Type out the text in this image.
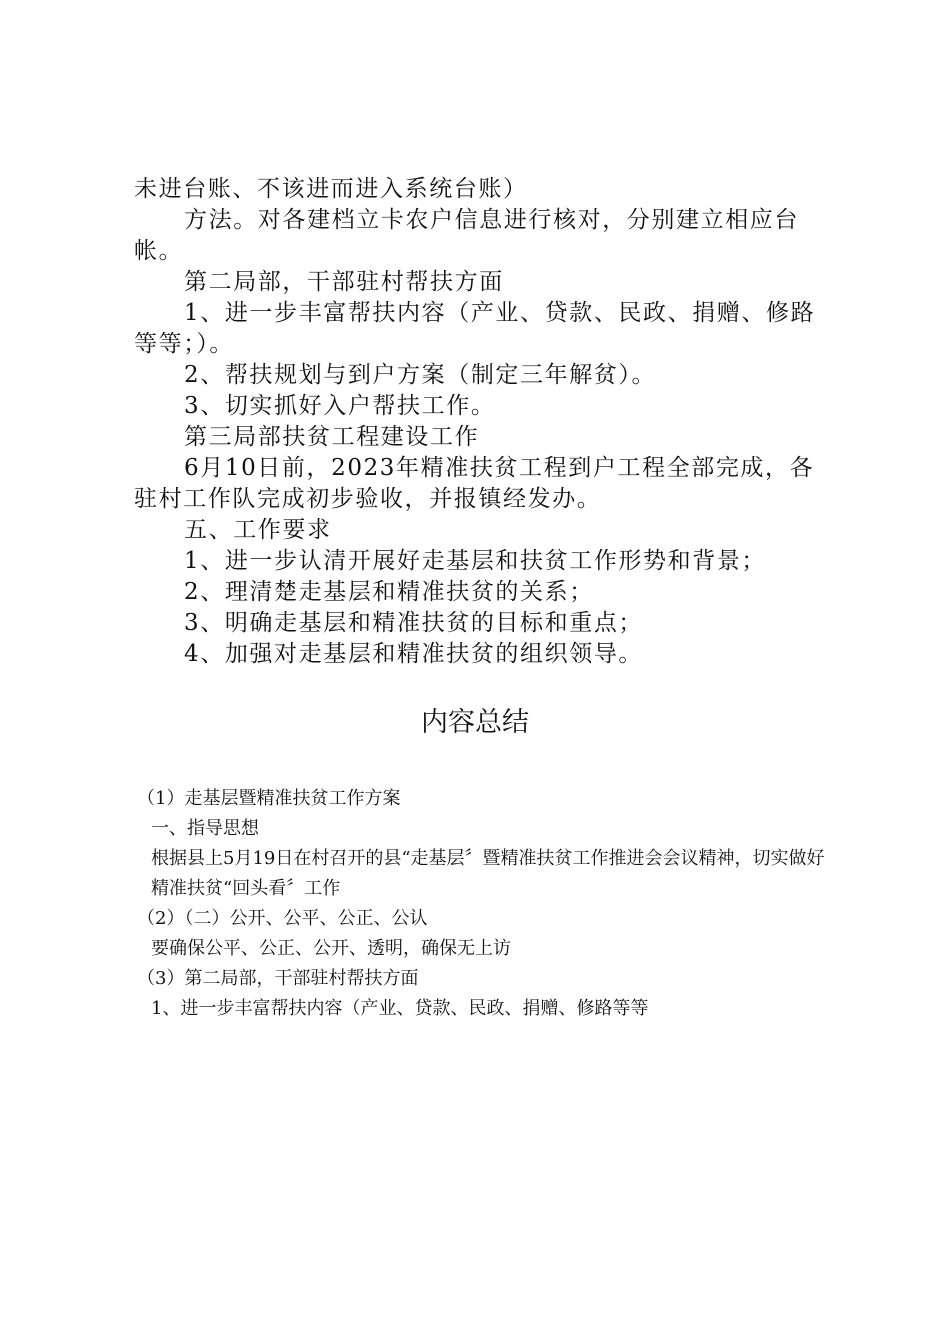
未进台账、不该进而进入系统台账）

方法。对各建档立卡农户信息进行核对，分别建立相应台帐。

第二局部，干部驻村帮扶方面

1、进一步丰富帮扶内容（产业、贷款、民政、捐赠、修路等等；）。

2、帮扶规划与到户方案（制定三年解贫）。

3、切实抓好入户帮扶工作。

第三局部扶贫工程建设工作

6月10日前，2023年精准扶贫工程到户工程全部完成，各驻村工作队完成初步验收，并报镇经发办。

五、工作要求

1、进一步认清开展好走基层和扶贫工作形势和背景；

2、理清楚走基层和精准扶贫的关系；

3、明确走基层和精准扶贫的目标和重点；

4、加强对走基层和精准扶贫的组织领导。

内容总结

（1）走基层暨精准扶贫工作方案

一、指导思想

根据县上5月19日在村召开的县“走基层〞暨精准扶贫工作推进会会议精神，切实做好精准扶贫“回头看〞工作

（2）（二）公开、公平、公正、公认

要确保公平、公正、公开、透明，确保无上访

（3）第二局部，干部驻村帮扶方面

1、进一步丰富帮扶内容（产业、贷款、民政、捐赠、修路等等
